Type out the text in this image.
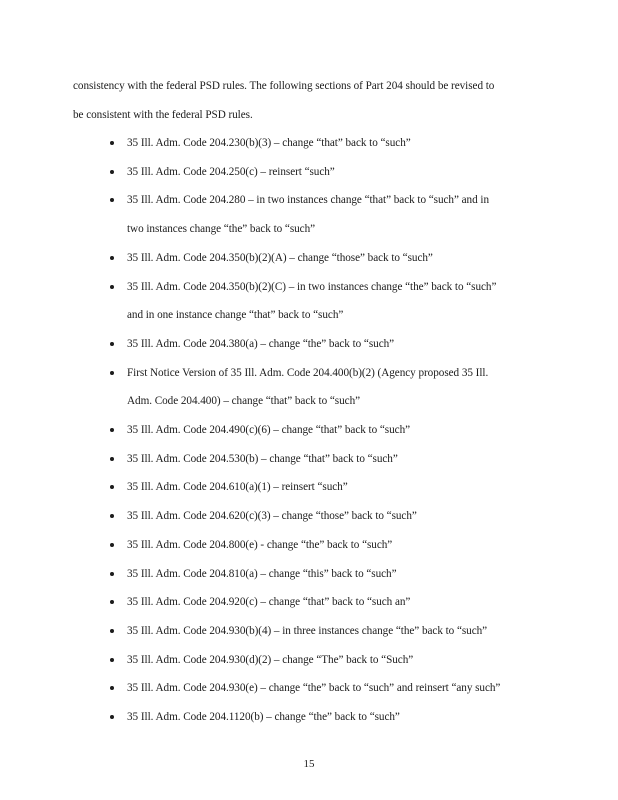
consistency with the federal PSD rules. The following sections of Part 204 should be revised to
be consistent with the federal PSD rules.
35 Ill. Adm. Code 204.230(b)(3) – change “that” back to “such”
35 Ill. Adm. Code 204.250(c) – reinsert “such”
35 Ill. Adm. Code 204.280 – in two instances change “that” back to “such” and in
two instances change “the” back to “such”
35 Ill. Adm. Code 204.350(b)(2)(A) – change “those” back to “such”
35 Ill. Adm. Code 204.350(b)(2)(C) – in two instances change “the” back to “such”
and in one instance change “that” back to “such”
35 Ill. Adm. Code 204.380(a) – change “the” back to “such”
First Notice Version of 35 Ill. Adm. Code 204.400(b)(2) (Agency proposed 35 Ill.
Adm. Code 204.400) – change “that” back to “such”
35 Ill. Adm. Code 204.490(c)(6) – change “that” back to “such”
35 Ill. Adm. Code 204.530(b) – change “that” back to “such”
35 Ill. Adm. Code 204.610(a)(1) – reinsert “such”
35 Ill. Adm. Code 204.620(c)(3) – change “those” back to “such”
35 Ill. Adm. Code 204.800(e) - change “the” back to “such”
35 Ill. Adm. Code 204.810(a) – change “this” back to “such”
35 Ill. Adm. Code 204.920(c) – change “that” back to “such an”
35 Ill. Adm. Code 204.930(b)(4) – in three instances change “the” back to “such”
35 Ill. Adm. Code 204.930(d)(2) – change “The” back to “Such”
35 Ill. Adm. Code 204.930(e) – change “the” back to “such” and reinsert “any such”
35 Ill. Adm. Code 204.1120(b) – change “the” back to “such”
15
